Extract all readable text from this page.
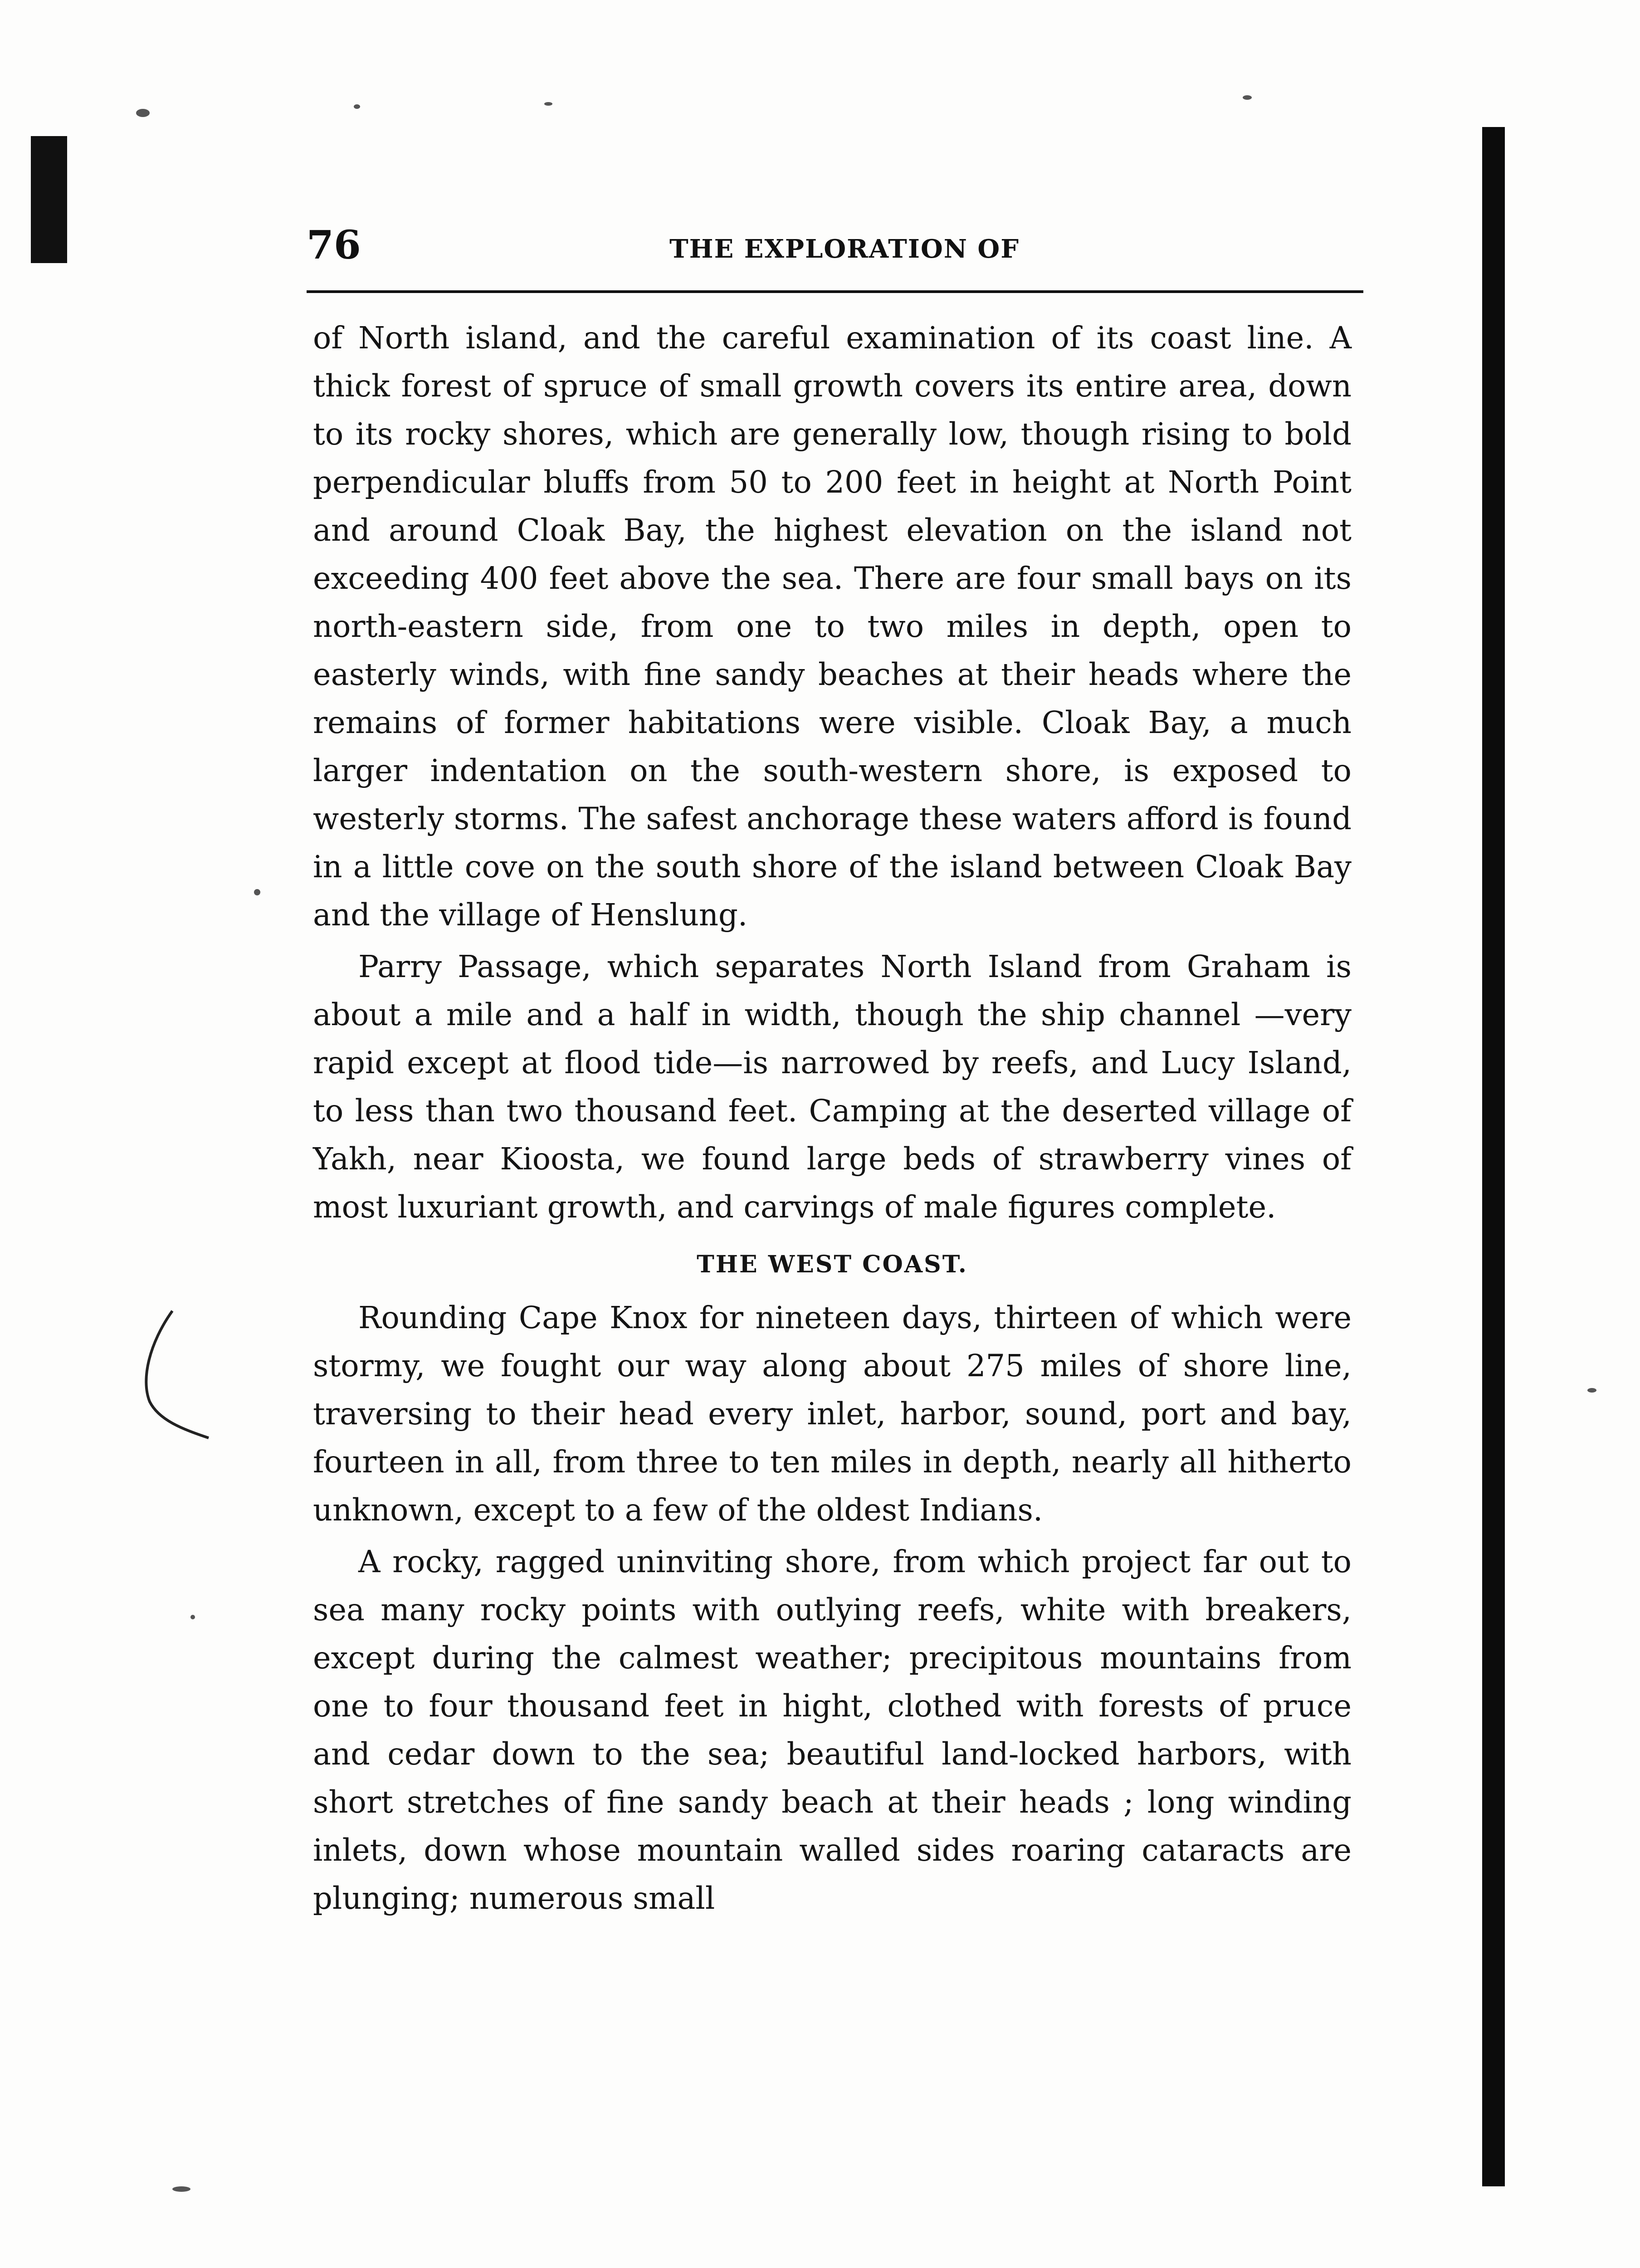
76	THE EXPLORATION OF

of North island, and the careful examination of its coast line. A thick forest of spruce of small growth covers its entire area, down to its rocky shores, which are generally low, though rising to bold perpendicular bluffs from 50 to 200 feet in height at North Point and around Cloak Bay, the highest elevation on the island not exceeding 400 feet above the sea. There are four small bays on its north-eastern side, from one to two miles in depth, open to easterly winds, with fine sandy beaches at their heads where the remains of former habitations were visible. Cloak Bay, a much larger indentation on the south-western shore, is exposed to westerly storms. The safest anchorage these waters afford is found in a little cove on the south shore of the island between Cloak Bay and the village of Henslung.

Parry Passage, which separates North Island from Graham is about a mile and a half in width, though the ship channel —very rapid except at flood tide—is narrowed by reefs, and Lucy Island, to less than two thousand feet. Camping at the deserted village of Yakh, near Kioosta, we found large beds of strawberry vines of most luxuriant growth, and carvings of male figures complete.

THE WEST COAST.

Rounding Cape Knox for nineteen days, thirteen of which were stormy, we fought our way along about 275 miles of shore line, traversing to their head every inlet, harbor, sound, port and bay, fourteen in all, from three to ten miles in depth, nearly all hitherto unknown, except to a few of the oldest Indians.

A rocky, ragged uninviting shore, from which project far out to sea many rocky points with outlying reefs, white with breakers, except during the calmest weather; precipitous mountains from one to four thousand feet in hight, clothed with forests of pruce and cedar down to the sea; beautiful land-locked harbors, with short stretches of fine sandy beach at their heads ; long winding inlets, down whose mountain walled sides roaring cataracts are plunging; numerous small
